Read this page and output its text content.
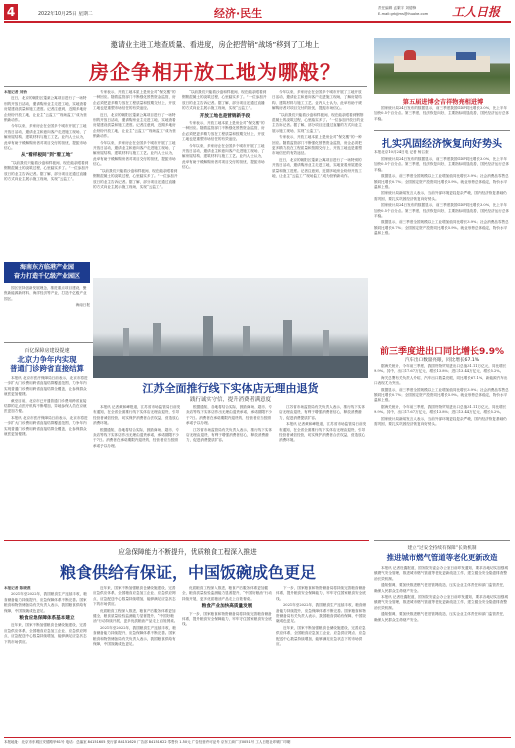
4	2022年10月25日 星期二	经济·民生	责任编辑 孟繁宇 刘德锋
E-mail:grbjjms@ihuoke.com 工人日报
邀请业主进工地查质量、看进度，房企把营销“战场”移到了工地上
房企争相开放工地为哪般？

本报记者 刘怡

近日，北京的朝阳区蓬莱公寓项目进行了一场特别的开放日活动，邀请购房业主走进工地，实地查看房屋建设质量和施工进度。记者注意到，近期多地房企纷纷开放工地，让业主“云监工”“现场监工”成为营销新动作。

今年以来，多家房企在全国多个城市开展了工地开放日活动，邀请业主和意向客户走进施工现场，了解房屋结构、建筑材料与施工工艺。业内人士认为，此举有助于缓解购房者对项目交付的担忧，提振市场信心。

从“看样板间”到“看工地”

“以前我们只能看沙盘和样板间，现在能亲眼看到钢筋混凝土的浇筑过程，心里踏实多了。”一位参加开放日的业主告诉记者。据了解，部分项目还通过直播的方式向业主展示施工现场，实现“云监工”。

专家表示，开放工地本质上是房企对“保交楼”的一种回应。随着监管部门不断强化预售资金监管，房企必须把更多精力放在工程质量和按期交付上，开放工地也是重塑市场信任的有效途径。

近日，北京的朝阳区蓬莱公寓项目进行了一场特别的开放日活动，邀请购房业主走进工地，实地查看房屋建设质量和施工进度。记者注意到，近期多地房企纷纷开放工地，让业主“云监工”“现场监工”成为营销新动作。

今年以来，多家房企在全国多个城市开展了工地开放日活动，邀请业主和意向客户走进施工现场，了解房屋结构、建筑材料与施工工艺。业内人士认为，此举有助于缓解购房者对项目交付的担忧，提振市场信心。

“以前我们只能看沙盘和样板间，现在能亲眼看到钢筋混凝土的浇筑过程，心里踏实多了。”一位参加开放日的业主告诉记者。据了解，部分项目还通过直播的方式向业主展示施工现场，实现“云监工”。

“以前我们只能看沙盘和样板间，现在能亲眼看到钢筋混凝土的浇筑过程，心里踏实多了。”一位参加开放日的业主告诉记者。据了解，部分项目还通过直播的方式向业主展示施工现场，实现“云监工”。

开放工地也是营销新手段

专家表示，开放工地本质上是房企对“保交楼”的一种回应。随着监管部门不断强化预售资金监管，房企必须把更多精力放在工程质量和按期交付上，开放工地也是重塑市场信任的有效途径。

今年以来，多家房企在全国多个城市开展了工地开放日活动，邀请业主和意向客户走进施工现场，了解房屋结构、建筑材料与施工工艺。业内人士认为，此举有助于缓解购房者对项目交付的担忧，提振市场信心。

今年以来，多家房企在全国多个城市开展了工地开放日活动，邀请业主和意向客户走进施工现场，了解房屋结构、建筑材料与施工工艺。业内人士认为，此举有助于缓解购房者对项目交付的担忧，提振市场信心。

“以前我们只能看沙盘和样板间，现在能亲眼看到钢筋混凝土的浇筑过程，心里踏实多了。”一位参加开放日的业主告诉记者。据了解，部分项目还通过直播的方式向业主展示施工现场，实现“云监工”。

专家表示，开放工地本质上是房企对“保交楼”的一种回应。随着监管部门不断强化预售资金监管，房企必须把更多精力放在工程质量和按期交付上，开放工地也是重塑市场信任的有效途径。

近日，北京的朝阳区蓬莱公寓项目进行了一场特别的开放日活动，邀请购房业主走进工地，实地查看房屋建设质量和施工进度。记者注意到，近期多地房企纷纷开放工地，让业主“云监工”“现场监工”成为营销新动作。

第五届进博会吉祥物亮相进博

国家统计局24日发布的数据显示，前三季度我国GDP同比增长3.0%，比上半年加快0.5个百分点。第三季度，经济恢复向好，主要指标明显改善，国民经济运行总体平稳。

扎实巩固经济恢复向好势头

本报北京10月24日电 记者 杨召奎

国家统计局24日发布的数据显示，前三季度我国GDP同比增长3.0%，比上半年加快0.5个百分点。第三季度，经济恢复向好，主要指标明显改善，国民经济运行总体平稳。

数据显示，前三季度全国规模以上工业增加值同比增长3.9%；社会消费品零售总额同比增长0.7%；全国固定资产投资同比增长5.9%。就业形势总体稳定，物价水平温和上涨。

国家统计局新闻发言人表示，当前外部环境更趋复杂严峻，国内经济恢复基础仍需巩固，要扎实巩固经济恢复向好势头。

国家统计局24日发布的数据显示，前三季度我国GDP同比增长3.0%，比上半年加快0.5个百分点。第三季度，经济恢复向好，主要指标明显改善，国民经济运行总体平稳。

数据显示，前三季度全国规模以上工业增加值同比增长3.9%；社会消费品零售总额同比增长0.7%；全国固定资产投资同比增长5.9%。就业形势总体稳定，物价水平温和上涨。

前三季度进出口同比增长9.9%
汽车出口数量亮眼，同比增长67.1%

据海关统计，今年前三季度，我国货物贸易进出口总值31.11万亿元，同比增长9.9%。其中，出口17.67万亿元，增长13.8%；进口13.44万亿元，增长5.2%。

海关总署有关负责人介绍，汽车出口数量亮眼，同比增长67.1%，新能源汽车出口表现尤为突出。

数据显示，前三季度全国规模以上工业增加值同比增长3.9%；社会消费品零售总额同比增长0.7%；全国固定资产投资同比增长5.9%。就业形势总体稳定，物价水平温和上涨。

据海关统计，今年前三季度，我国货物贸易进出口总值31.11万亿元，同比增长9.9%。其中，出口17.67万亿元，增长13.8%；进口13.44万亿元，增长5.2%。

国家统计局新闻发言人表示，当前外部环境更趋复杂严峻，国内经济恢复基础仍需巩固，要扎实巩固经济恢复向好势头。

海南东方临港产业园
奋力打造千亿级产业园区

园区坚持创新发展理念，推进重点项目建设，聚焦新能源新材料、海洋经济等产业，打造千亿级产业园区。

海南日报

百亿保障房建设提速
北京力争年内实现
普通门诊跨省直接结算

本报讯 北京市医疗保障局日前表示，北京市将进一步扩大门诊费用跨省直接结算覆盖范围，力争年内实现普通门诊费用跨省直接结算全覆盖，让参保群众就医更加便捷。

截至目前，北京市已开通普通门诊费用跨省直接结算的定点医疗机构不断增加，异地参保人员在京就医更加方便。

本报讯 北京市医疗保障局日前表示，北京市将进一步扩大门诊费用跨省直接结算覆盖范围，力争年内实现普通门诊费用跨省直接结算全覆盖，让参保群众就医更加便捷。

江苏全面推行线下实体店无理由退货
践行诚实守信，提升消费者满意度

本报讯 记者黄和峰报道，江苏省市场监管局日前发布通知，在全省全面推行线下实体店无理由退货，引导经营者诚信经营，切实保护消费者合法权益，营造放心消费环境。

根据通知，各地将结合实际，鼓励商场、超市、专卖店等线下实体店作出无理由退货承诺，承诺期限不少于7日。消费者在承诺期限内退货的，经营者应当按照承诺予以办理。

根据通知，各地将结合实际，鼓励商场、超市、专卖店等线下实体店作出无理由退货承诺，承诺期限不少于7日。消费者在承诺期限内退货的，经营者应当按照承诺予以办理。

江苏省市场监管局有关负责人表示，推行线下实体店无理由退货，有利于增强消费者信心，释放消费潜力，促进消费提质扩容。

江苏省市场监管局有关负责人表示，推行线下实体店无理由退货，有利于增强消费者信心，释放消费潜力，促进消费提质扩容。

本报讯 记者黄和峰报道，江苏省市场监管局日前发布通知，在全省全面推行线下实体店无理由退货，引导经营者诚信经营，切实保护消费者合法权益，营造放心消费环境。

应急保障能力不断提升，优质粮食工程深入推进
粮食供给有保证，中国饭碗成色更足

本报记者 陈晓燕

2021年至2022年，我国粮食生产连续丰收，粮食储备能力持续提升，应急保障体系不断完善。国家粮食和物资储备局有关负责人表示，我国粮食供给有保障，中国饭碗成色更足。

粮食应急保障体系基本建立

近年来，国家不断加强粮食仓储设施建设，完善应急供应体系，全国粮食应急加工企业、应急供应网点、应急配送中心数量持续增加，能够满足应急状态下的市场供应。

近年来，国家不断加强粮食仓储设施建设，完善应急供应体系，全国粮食应急加工企业、应急供应网点、应急配送中心数量持续增加，能够满足应急状态下的市场供应。

优质粮食工程深入推进，粮食产后服务体系更加健全，粮食质量检验监测能力显著提升，“中国好粮油”行动持续开展，更多优质粮油产品走上百姓餐桌。

2021年至2022年，我国粮食生产连续丰收，粮食储备能力持续提升，应急保障体系不断完善。国家粮食和物资储备局有关负责人表示，我国粮食供给有保障，中国饭碗成色更足。

优质粮食工程深入推进，粮食产后服务体系更加健全，粮食质量检验监测能力显著提升，“中国好粮油”行动持续开展，更多优质粮油产品走上百姓餐桌。

粮食产业加快高质量发展

下一步，国家粮食和物资储备局将持续完善粮食储备体系，提升粮食安全保障能力，牢牢守住国家粮食安全底线。

下一步，国家粮食和物资储备局将持续完善粮食储备体系，提升粮食安全保障能力，牢牢守住国家粮食安全底线。

2021年至2022年，我国粮食生产连续丰收，粮食储备能力持续提升，应急保障体系不断完善。国家粮食和物资储备局有关负责人表示，我国粮食供给有保障，中国饭碗成色更足。

近年来，国家不断加强粮食仓储设施建设，完善应急供应体系，全国粮食应急加工企业、应急供应网点、应急配送中心数量持续增加，能够满足应急状态下的市场供应。

建立“过安全持续有保障”长效机制
推进城市燃气管道等老化更新改造

本报讯 记者杜鑫报道，国务院安委会办公室日前印发通知，要求各地切实加强城镇燃气安全管理，推进城市燃气管道等老化更新改造工作，建立健全安全隐患排查整治长效机制。

通知强调，要加快推进燃气老旧管网改造，压实企业主体责任和部门监管责任，确保人民群众生命财产安全。

本报讯 记者杜鑫报道，国务院安委会办公室日前印发通知，要求各地切实加强城镇燃气安全管理，推进城市燃气管道等老化更新改造工作，建立健全安全隐患排查整治长效机制。

通知强调，要加快推进燃气老旧管网改造，压实企业主体责任和部门监管责任，确保人民群众生命财产安全。

本报地址：北京市东城区安德路甲61号 电话：总编室 84151605 发行部 84151620 广告部 84151622 零售价 1.50元 广告经营许可证号 京东工商广字0051号 工人日报社印刷厂印刷
